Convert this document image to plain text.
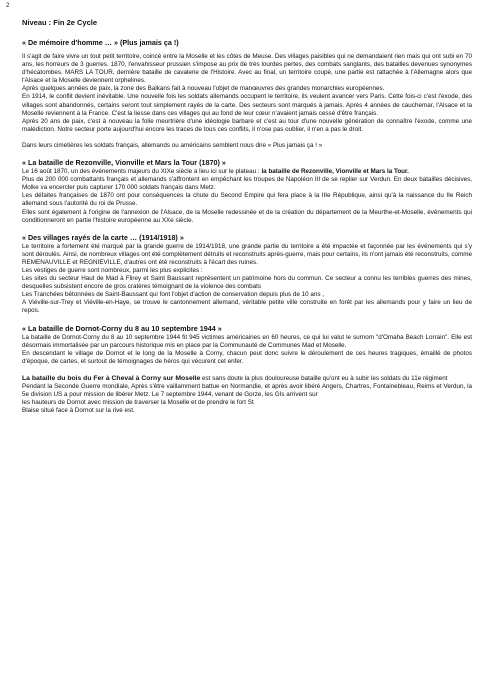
2
Niveau : Fin 2e Cycle
« De mémoire d'homme … » (Plus jamais ça !)

Il s'agit de faire vivre un tout petit territoire, coincé entre la Moselle et les côtes de Meuse. Des villages paisibles qui ne demandaient rien mais qui ont subi en 70 ans, les horreurs de 3 guerres. 1870, l'envahisseur prussien s'impose au prix de très lourdes pertes, des combats sanglants, des batailles devenues synonymes d'hécatombes. MARS LA TOUR, dernière bataille de cavalerie de l'Histoire. Avec au final, un territoire coupé, une partie est rattachée à l'Allemagne alors que l'Alsace et la Moselle deviennent orphelines.

Après quelques années de paix, la zone des Balkans fait à nouveau l'objet de manœuvres des grandes monarchies européennes.

En 1914, le conflit devient inévitable. Une nouvelle fois les soldats allemands occupent le territoire, ils veulent avancer vers Paris. Cette fois-ci c'est l'exode, des villages sont abandonnés, certains seront tout simplement rayés de la carte. Des secteurs sont marqués à jamais. Après 4 années de cauchemar, l'Alsace et la Moselle reviennent à la France. C'est la liesse dans ces villages qui au fond de leur cœur n'avaient jamais cessé d'être français.

Après 20 ans de paix, c'est à nouveau la folie meurtrière d'une idéologie barbare et c'est au tour d'une nouvelle génération de connaître l'exode, comme une malédiction. Notre secteur porte aujourd'hui encore les traces de tous ces conflits, il n'ose pas oublier, il n'en a pas le droit.

Dans leurs cimetières les soldats français, allemands ou américains semblent nous dire « Plus jamais ça ! »

« La bataille de Rezonville, Vionville et Mars la Tour (1870) »

Le 16 août 1870, un des événements majeurs du XIXe siècle a lieu ici sur le plateau : la bataille de Rezonville, Vionville et Mars la Tour.

Plus de 200 000 combattants français et allemands s'affrontent en empêchant les troupes de Napoléon III de se replier sur Verdun. En deux batailles décisives, Molke va encercler puis capturer 170 000 soldats français dans Metz.

Les défaites françaises de 1870 ont pour conséquences la chute du Second Empire qui fera place à la IIIe République, ainsi qu'à la naissance du IIe Reich allemand sous l'autorité du roi de Prusse.

Elles sont également à l'origine de l'annexion de l'Alsace, de la Moselle redessinée et de la création du département de la Meurthe-et-Moselle, événements qui conditionneront en partie l'histoire européenne au XXe siècle.

« Des villages rayés de la carte … (1914/1918) »

Le territoire a fortement été marqué par la grande guerre de 1914/1918, une grande partie du territoire a été impactée et façonnée par les événements qui s'y sont déroulés. Ainsi, de nombreux villages ont été complètement détruits et reconstruits après-guerre, mais pour certains, ils n'ont jamais été reconstruits, comme REMENAUVILLE et REGNIEVILLE, d'autres ont été reconstruits à l'écart des ruines.

Les vestiges de guerre sont nombreux, parmi les plus explicites :

Les sites du secteur Haut de Mad à Flirey et Saint Baussant représentent un patrimoine hors du commun. Ce secteur a connu les terribles guerres des mines, desquelles subsistent encore de gros cratères témoignant de la violence des combats

Les Tranchées bétonnées de Saint-Baussant qui font l'objet d'action de conservation depuis plus de 10 ans ,

A Viéville-sur-Trey et Viéville-en-Haye, se trouve le cantonnement allemand, véritable petite ville construite en forêt par les allemands pour y faire un lieu de repos.

« La bataille de Dornot-Corny du 8 au 10 septembre 1944 »

La bataille de Dornot-Corny du 8 au 10 septembre 1944 fit 945 victimes américaines en 60 heures, ce qui lui valut le surnom "d'Omaha Beach Lorrain". Elle est désormais immortalisée par un parcours historique mis en place par la Communauté de Communes Mad et Moselle.

En descendant le village de Dornot et le long de la Moselle à Corny, chacun peut donc suivre le déroulement de ces heures tragiques, émaillé de photos d'époque, de cartes, et surtout de témoignages de héros qui vécurent cet enfer.

La bataille du bois du Fer à Cheval à Corny sur Moselle est sans doute la plus douloureuse bataille qu'ont eu à subir les soldats du 11e régiment

Pendant la Seconde Guerre mondiale, Après s'être vaillamment battue en Normandie, et après avoir libéré Angers, Chartres, Fontainebleau, Reims et Verdun, la 5e division US a pour mission de libérer Metz. Le 7 septembre 1944, venant de Gorze, les GIs arrivent sur

les hauteurs de Dornot avec mission de traverser la Moselle et de prendre le fort St

Blaise situé face à Dornot sur la rive est.
